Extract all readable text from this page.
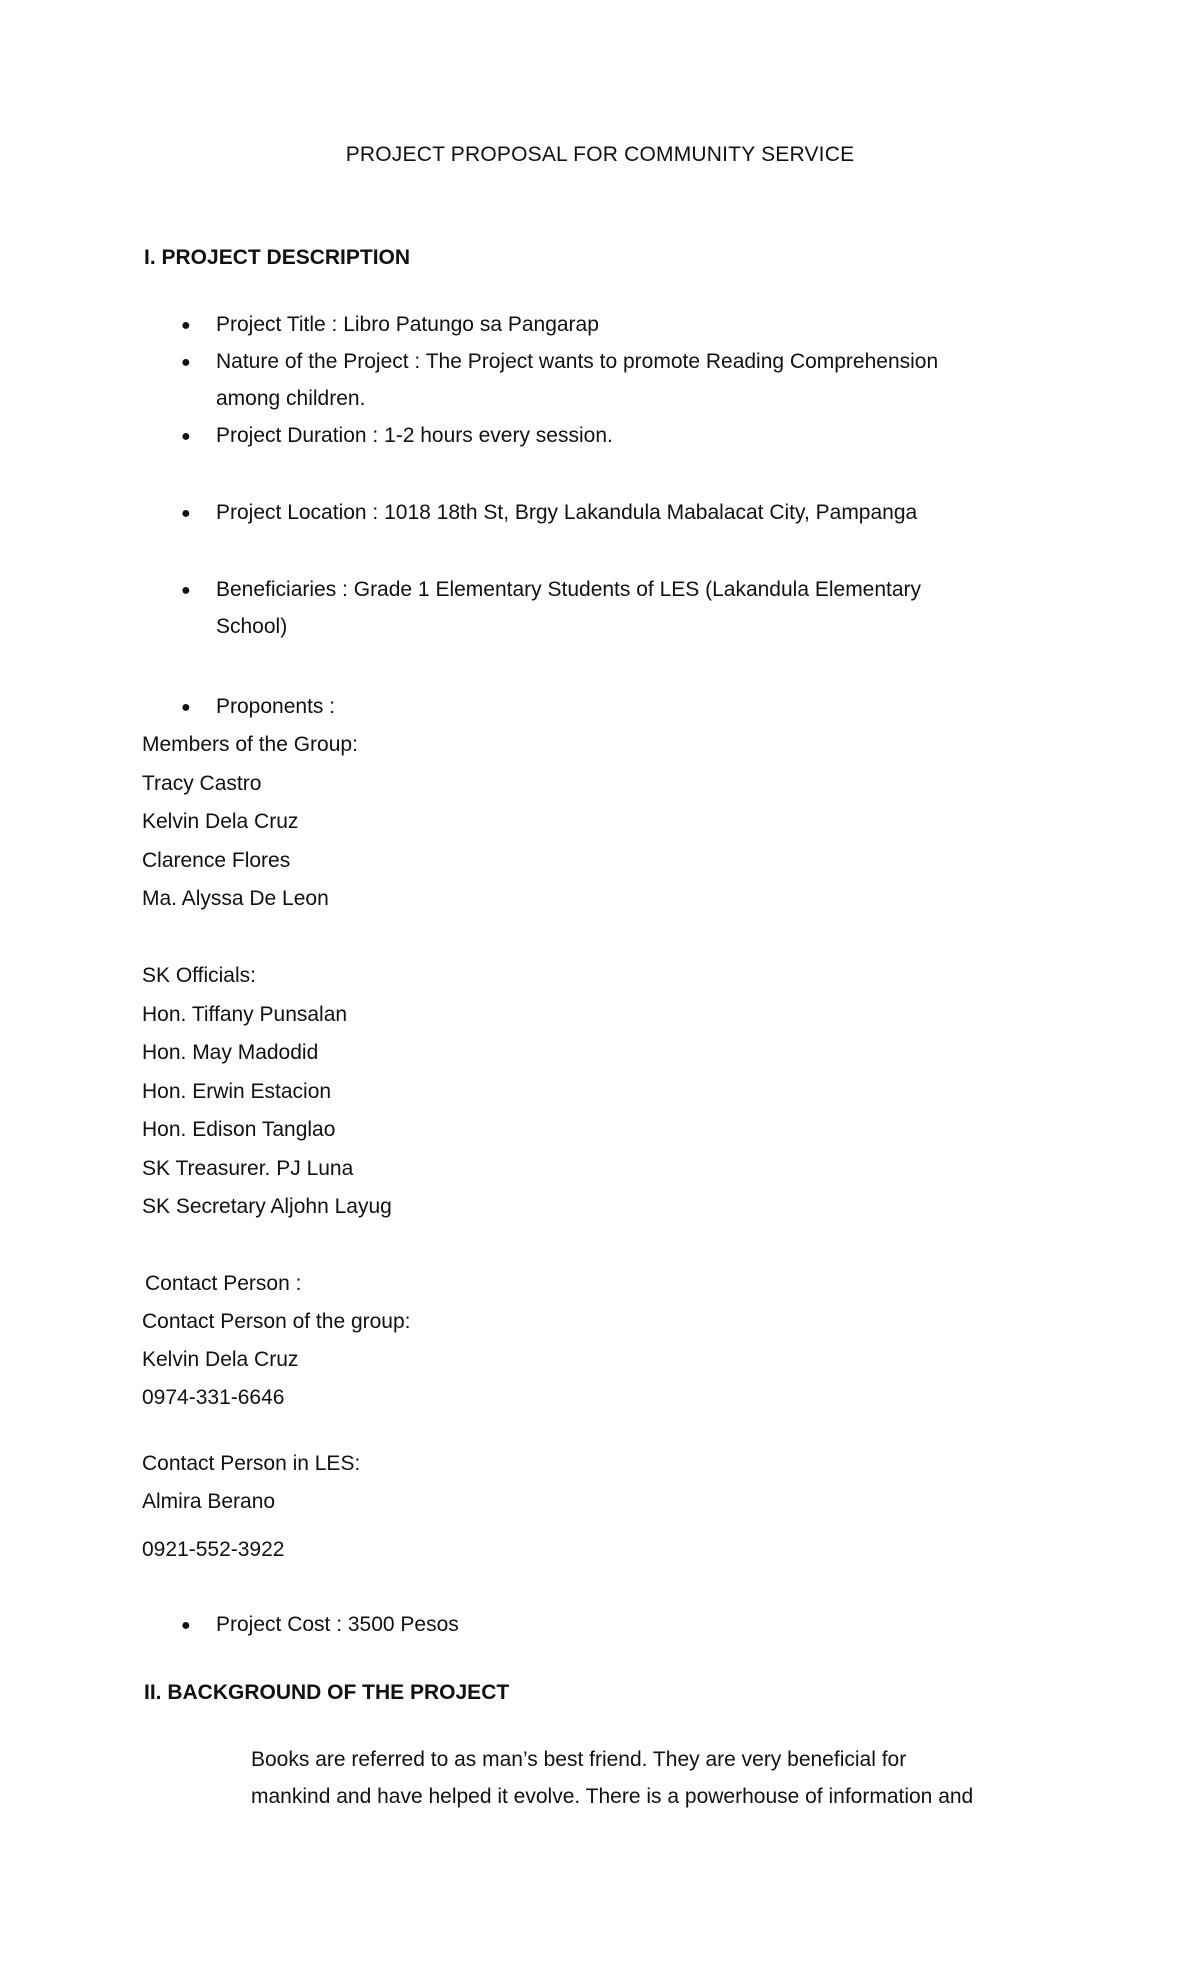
PROJECT PROPOSAL FOR COMMUNITY SERVICE
I. PROJECT DESCRIPTION
● Project Title : Libro Patungo sa Pangarap
● Nature of the Project : The Project wants to promote Reading Comprehension
among children.
● Project Duration : 1-2 hours every session.
● Project Location : 1018 18th St, Brgy Lakandula Mabalacat City, Pampanga
● Beneficiaries : Grade 1 Elementary Students of LES (Lakandula Elementary
School)
● Proponents :
Members of the Group:
Tracy Castro
Kelvin Dela Cruz
Clarence Flores
Ma. Alyssa De Leon
SK Officials:
Hon. Tiffany Punsalan
Hon. May Madodid
Hon. Erwin Estacion
Hon. Edison Tanglao
SK Treasurer. PJ Luna
SK Secretary Aljohn Layug
Contact Person :
Contact Person of the group:
Kelvin Dela Cruz
0974-331-6646
Contact Person in LES:
Almira Berano
0921-552-3922
● Project Cost : 3500 Pesos
II. BACKGROUND OF THE PROJECT
Books are referred to as man’s best friend. They are very beneficial for
mankind and have helped it evolve. There is a powerhouse of information and
